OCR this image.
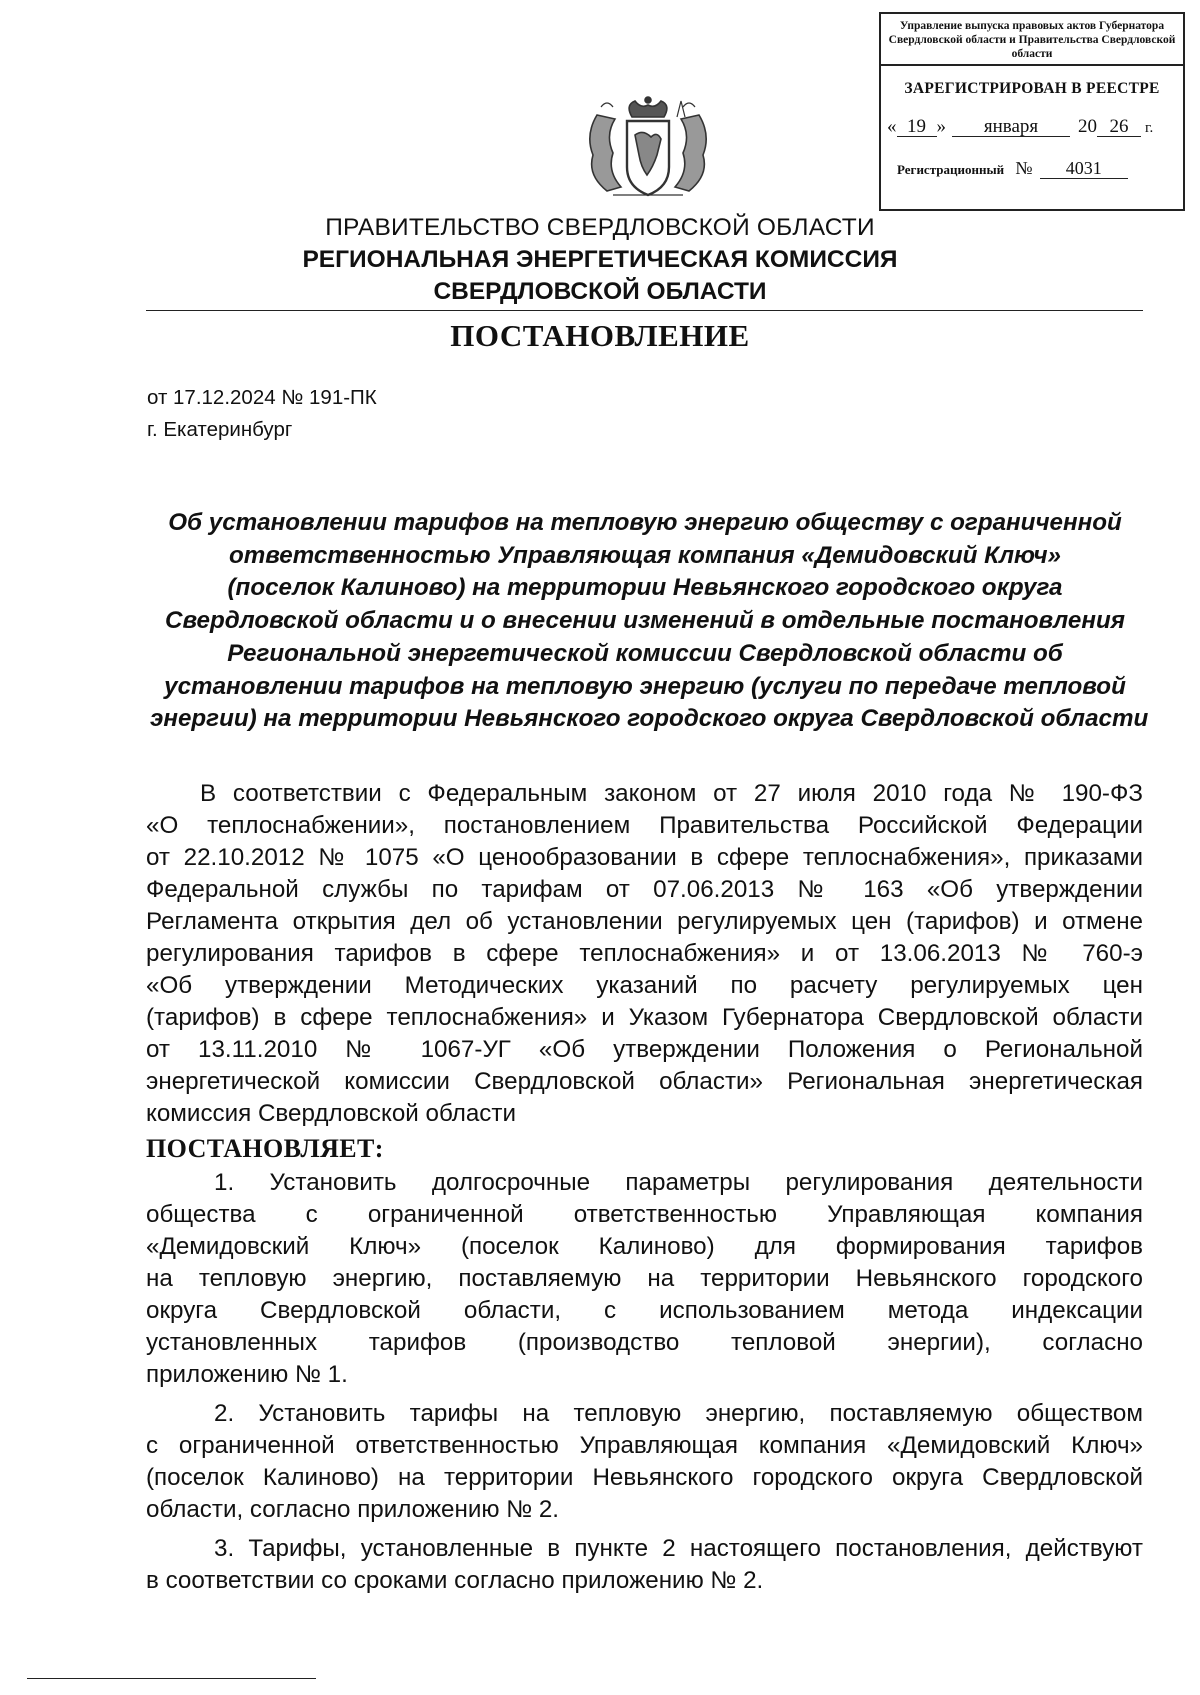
Управление выпуска правовых актов Губернатора Свердловской области и Правительства Свердловской области
ЗАРЕГИСТРИРОВАН В РЕЕСТРЕ
« 19 » января 20 26 г.
Регистрационный № 4031
ПРАВИТЕЛЬСТВО СВЕРДЛОВСКОЙ ОБЛАСТИ
РЕГИОНАЛЬНАЯ ЭНЕРГЕТИЧЕСКАЯ КОМИССИЯ
СВЕРДЛОВСКОЙ ОБЛАСТИ
ПОСТАНОВЛЕНИЕ
от 17.12.2024 № 191-ПК
г. Екатеринбург
Об установлении тарифов на тепловую энергию обществу с ограниченной
ответственностью Управляющая компания «Демидовский Ключ»
(поселок Калиново) на территории Невьянского городского округа
Свердловской области и о внесении изменений в отдельные постановления
Региональной энергетической комиссии Свердловской области об
установлении тарифов на тепловую энергию (услуги по передаче тепловой
энергии) на территории Невьянского городского округа Свердловской области
В соответствии с Федеральным законом от 27 июля 2010 года № 190-ФЗ
«О теплоснабжении», постановлением Правительства Российской Федерации
от 22.10.2012 № 1075 «О ценообразовании в сфере теплоснабжения», приказами
Федеральной службы по тарифам от 07.06.2013 № 163 «Об утверждении
Регламента открытия дел об установлении регулируемых цен (тарифов) и отмене
регулирования тарифов в сфере теплоснабжения» и от 13.06.2013 № 760-э
«Об утверждении Методических указаний по расчету регулируемых цен
(тарифов) в сфере теплоснабжения» и Указом Губернатора Свердловской области
от 13.11.2010 № 1067-УГ «Об утверждении Положения о Региональной
энергетической комиссии Свердловской области» Региональная энергетическая
комиссия Свердловской области
ПОСТАНОВЛЯЕТ:
1. Установить долгосрочные параметры регулирования деятельности
общества с ограниченной ответственностью Управляющая компания
«Демидовский Ключ» (поселок Калиново) для формирования тарифов
на тепловую энергию, поставляемую на территории Невьянского городского
округа Свердловской области, с использованием метода индексации
установленных тарифов (производство тепловой энергии), согласно
приложению № 1.
2. Установить тарифы на тепловую энергию, поставляемую обществом
с ограниченной ответственностью Управляющая компания «Демидовский Ключ»
(поселок Калиново) на территории Невьянского городского округа Свердловской
области, согласно приложению № 2.
3. Тарифы, установленные в пункте 2 настоящего постановления, действуют
в соответствии со сроками согласно приложению № 2.
